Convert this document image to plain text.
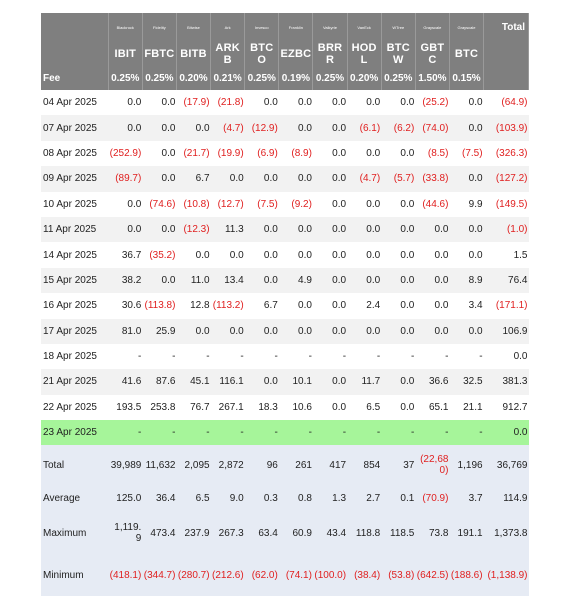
	Blackrock	Fidelity	Bitwise	Ark	Invesco	Franklin	Valkyrie	VanEck	WTree	Grayscale	Grayscale	Total
	IBIT	FBTC	BITB	ARKB	BTCO	EZBC	BRRR	HODL	BTCW	GBTC	BTC	
Fee	0.25%	0.25%	0.20%	0.21%	0.25%	0.19%	0.25%	0.20%	0.25%	1.50%	0.15%	
04 Apr 2025	0.0	0.0	(17.9)	(21.8)	0.0	0.0	0.0	0.0	0.0	(25.2)	0.0	(64.9)
07 Apr 2025	0.0	0.0	0.0	(4.7)	(12.9)	0.0	0.0	(6.1)	(6.2)	(74.0)	0.0	(103.9)
08 Apr 2025	(252.9)	0.0	(21.7)	(19.9)	(6.9)	(8.9)	0.0	0.0	0.0	(8.5)	(7.5)	(326.3)
09 Apr 2025	(89.7)	0.0	6.7	0.0	0.0	0.0	0.0	(4.7)	(5.7)	(33.8)	0.0	(127.2)
10 Apr 2025	0.0	(74.6)	(10.8)	(12.7)	(7.5)	(9.2)	0.0	0.0	0.0	(44.6)	9.9	(149.5)
11 Apr 2025	0.0	0.0	(12.3)	11.3	0.0	0.0	0.0	0.0	0.0	0.0	0.0	(1.0)
14 Apr 2025	36.7	(35.2)	0.0	0.0	0.0	0.0	0.0	0.0	0.0	0.0	0.0	1.5
15 Apr 2025	38.2	0.0	11.0	13.4	0.0	4.9	0.0	0.0	0.0	0.0	8.9	76.4
16 Apr 2025	30.6	(113.8)	12.8	(113.2)	6.7	0.0	0.0	2.4	0.0	0.0	3.4	(171.1)
17 Apr 2025	81.0	25.9	0.0	0.0	0.0	0.0	0.0	0.0	0.0	0.0	0.0	106.9
18 Apr 2025	-	-	-	-	-	-	-	-	-	-	-	0.0
21 Apr 2025	41.6	87.6	45.1	116.1	0.0	10.1	0.0	11.7	0.0	36.6	32.5	381.3
22 Apr 2025	193.5	253.8	76.7	267.1	18.3	10.6	0.0	6.5	0.0	65.1	21.1	912.7
23 Apr 2025	-	-	-	-	-	-	-	-	-	-	-	0.0
Total	39,989	11,632	2,095	2,872	96	261	417	854	37	(22,680)	1,196	36,769
Average	125.0	36.4	6.5	9.0	0.3	0.8	1.3	2.7	0.1	(70.9)	3.7	114.9
Maximum	1,119.9	473.4	237.9	267.3	63.4	60.9	43.4	118.8	118.5	73.8	191.1	1,373.8
Minimum	(418.1)	(344.7)	(280.7)	(212.6)	(62.0)	(74.1)	(100.0)	(38.4)	(53.8)	(642.5)	(188.6)	(1,138.9)
